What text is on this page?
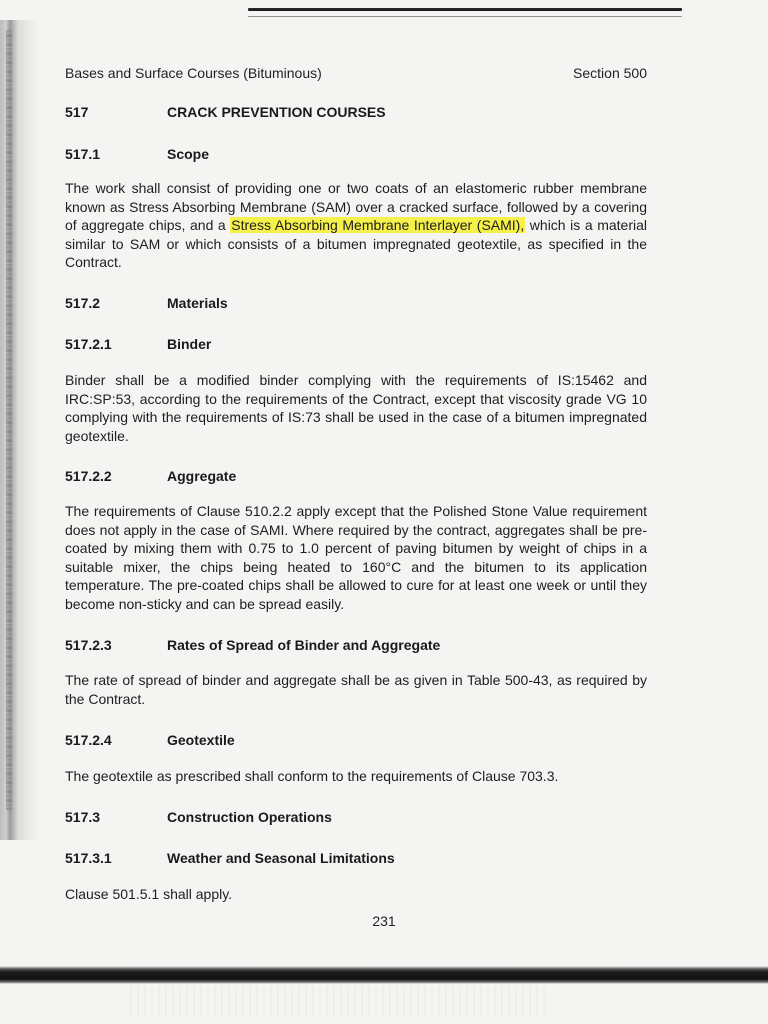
Bases and Surface Courses (Bituminous)	Section 500
517	CRACK PREVENTION COURSES
517.1	Scope

The work shall consist of providing one or two coats of an elastomeric rubber membrane known as Stress Absorbing Membrane (SAM) over a cracked surface, followed by a covering of aggregate chips, and a Stress Absorbing Membrane Interlayer (SAMI), which is a material similar to SAM or which consists of a bitumen impregnated geotextile, as specified in the Contract.

517.2	Materials
517.2.1	Binder

Binder shall be a modified binder complying with the requirements of IS:15462 and IRC:SP:53, according to the requirements of the Contract, except that viscosity grade VG 10 complying with the requirements of IS:73 shall be used in the case of a bitumen impregnated geotextile.

517.2.2	Aggregate

The requirements of Clause 510.2.2 apply except that the Polished Stone Value requirement does not apply in the case of SAMI. Where required by the contract, aggregates shall be pre-coated by mixing them with 0.75 to 1.0 percent of paving bitumen by weight of chips in a suitable mixer, the chips being heated to 160°C and the bitumen to its application temperature. The pre-coated chips shall be allowed to cure for at least one week or until they become non-sticky and can be spread easily.

517.2.3	Rates of Spread of Binder and Aggregate

The rate of spread of binder and aggregate shall be as given in Table 500-43, as required by the Contract.

517.2.4	Geotextile

The geotextile as prescribed shall conform to the requirements of Clause 703.3.

517.3	Construction Operations
517.3.1	Weather and Seasonal Limitations

Clause 501.5.1 shall apply.

231
